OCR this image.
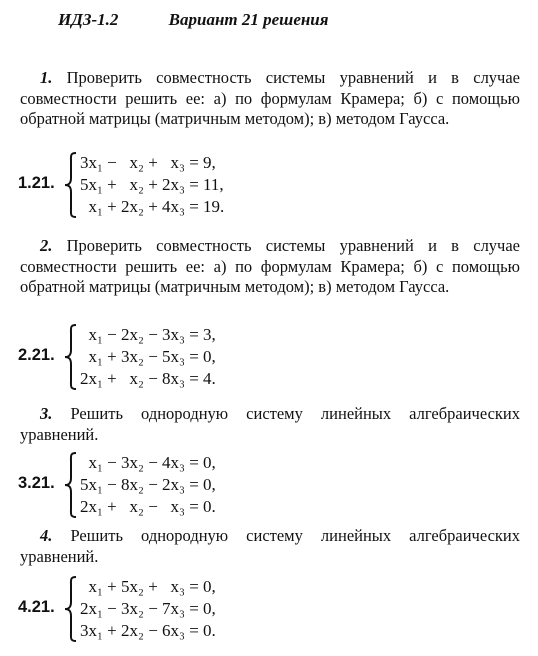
ИДЗ-1.2	Вариант 21 решения

1. Проверить совместность системы уравнений и в случае совместности решить ее: а) по формулам Крамера; б) с помощью обратной матрицы (матричным методом); в) методом Гаусса.

1.21.
3x₁ −   x₂ +   x₃ = 9,
5x₁ +   x₂ + 2x₃ = 11,
x₁ + 2x₂ + 4x₃ = 19.

2. Проверить совместность системы уравнений и в случае совместности решить ее: а) по формулам Крамера; б) с помощью обратной матрицы (матричным методом); в) методом Гаусса.

2.21.
x₁ − 2x₂ − 3x₃ = 3,
x₁ + 3x₂ − 5x₃ = 0,
2x₁ +   x₂ − 8x₃ = 4.

3. Решить однородную систему линейных алгебраических уравнений.

3.21.
x₁ − 3x₂ − 4x₃ = 0,
5x₁ − 8x₂ − 2x₃ = 0,
2x₁ +   x₂ −   x₃ = 0.

4. Решить однородную систему линейных алгебраических уравнений.

4.21.
x₁ + 5x₂ +   x₃ = 0,
2x₁ − 3x₂ − 7x₃ = 0,
3x₁ + 2x₂ − 6x₃ = 0.
